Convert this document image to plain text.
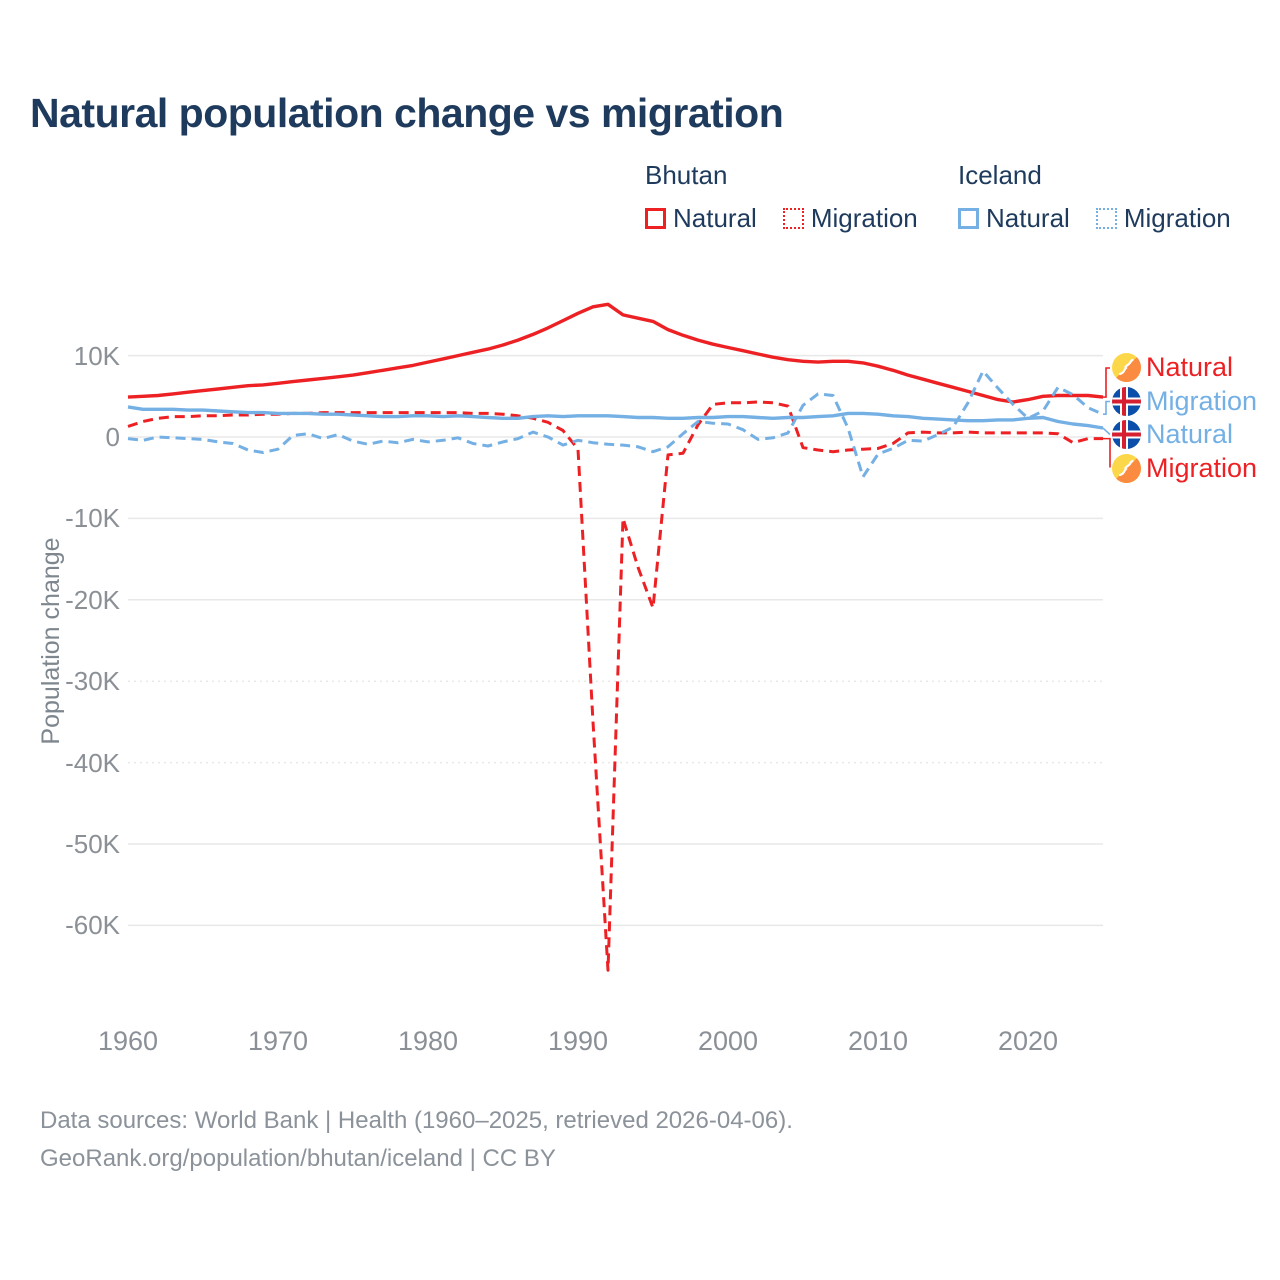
Natural population change vs migration
Bhutan
Natural Migration
Iceland
Natural Migration
Population change
10K
0
-10K
-20K
-30K
-40K
-50K
-60K
1960	1970	1980	1990	2000	2010	2020
Natural
Migration
Natural
Migration
Data sources: World Bank | Health (1960–2025, retrieved 2026-04-06).
GeoRank.org/population/bhutan/iceland | CC BY
